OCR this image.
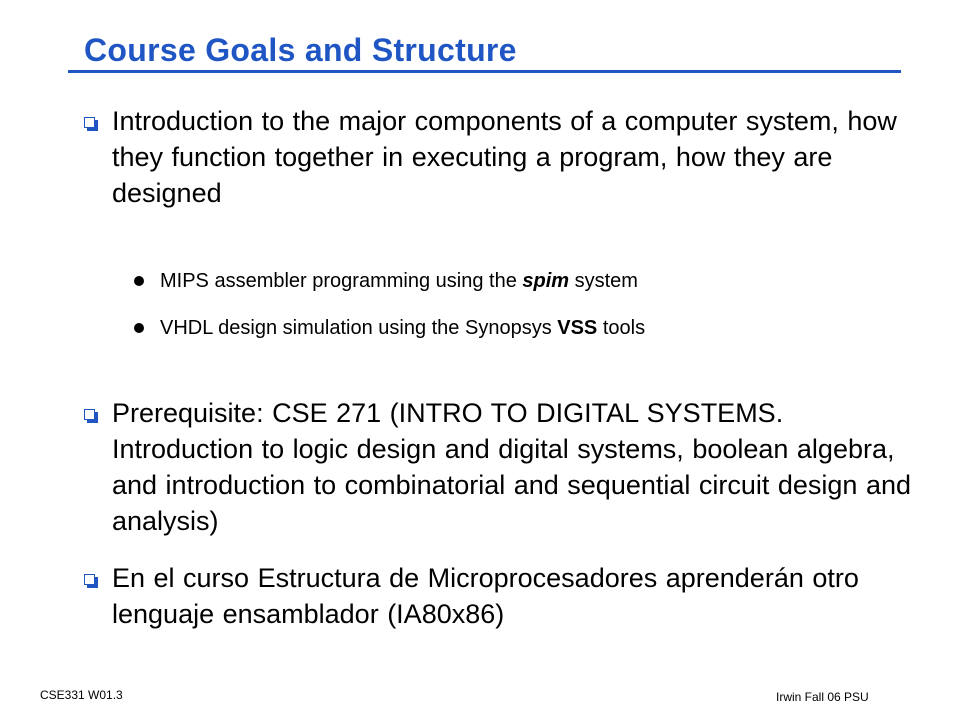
Course Goals and Structure
Introduction to the major components of a computer system, how they function together in executing a program, how they are designed
MIPS assembler programming using the spim system
VHDL design simulation using the Synopsys VSS tools
Prerequisite: CSE 271 (INTRO TO DIGITAL SYSTEMS. Introduction to logic design and digital systems, boolean algebra, and introduction to combinatorial and sequential circuit design and analysis)
En el curso Estructura de Microprocesadores aprenderán otro lenguaje ensamblador (IA80x86)
CSE331 W01.3	Irwin Fall 06 PSU
